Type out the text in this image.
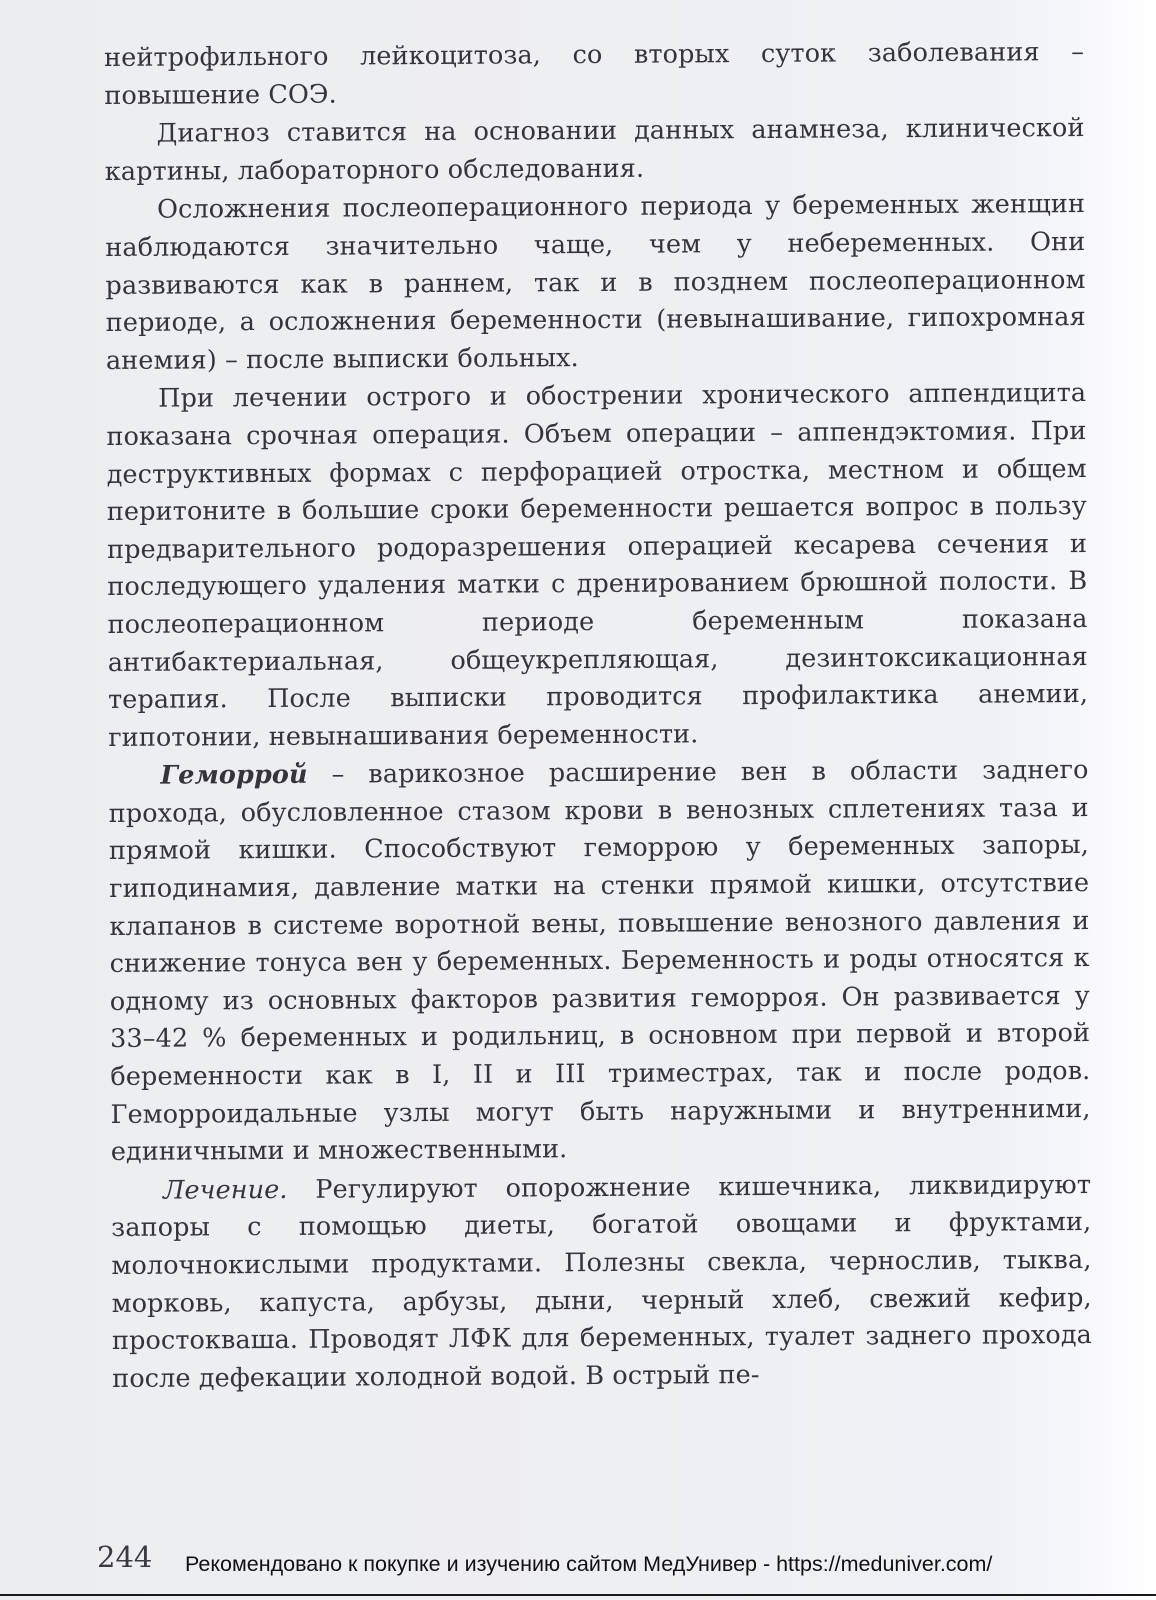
нейтрофильного лейкоцитоза, со вторых суток заболевания – повышение СОЭ.

Диагноз ставится на основании данных анамнеза, клинической картины, лабораторного обследования.

Осложнения послеоперационного периода у беременных женщин наблюдаются значительно чаще, чем у небеременных. Они развиваются как в раннем, так и в позднем послеоперационном периоде, а осложнения беременности (невынашивание, гипохромная анемия) – после выписки больных.

При лечении острого и обострении хронического аппендицита показана срочная операция. Объем операции – аппендэктомия. При деструктивных формах с перфорацией отростка, местном и общем перитоните в большие сроки беременности решается вопрос в пользу предварительного родоразрешения операцией кесарева сечения и последующего удаления матки с дренированием брюшной полости. В послеоперационном периоде беременным показана антибактериальная, общеукрепляющая, дезинтоксикационная терапия. После выписки проводится профилактика анемии, гипотонии, невынашивания беременности.

Геморрой – варикозное расширение вен в области заднего прохода, обусловленное стазом крови в венозных сплетениях таза и прямой кишки. Способствуют геморрою у беременных запоры, гиподинамия, давление матки на стенки прямой кишки, отсутствие клапанов в системе воротной вены, повышение венозного давления и снижение тонуса вен у беременных. Беременность и роды относятся к одному из основных факторов развития геморроя. Он развивается у 33–42 % беременных и родильниц, в основном при первой и второй беременности как в I, II и III триместрах, так и после родов. Геморроидальные узлы могут быть наружными и внутренними, единичными и множественными.

Лечение. Регулируют опорожнение кишечника, ликвидируют запоры с помощью диеты, богатой овощами и фруктами, молочнокислыми продуктами. Полезны свекла, чернослив, тыква, морковь, капуста, арбузы, дыни, черный хлеб, свежий кефир, простокваша. Проводят ЛФК для беременных, туалет заднего прохода после дефекации холодной водой. В острый пе-

244 Рекомендовано к покупке и изучению сайтом МедУнивер - https://meduniver.com/
